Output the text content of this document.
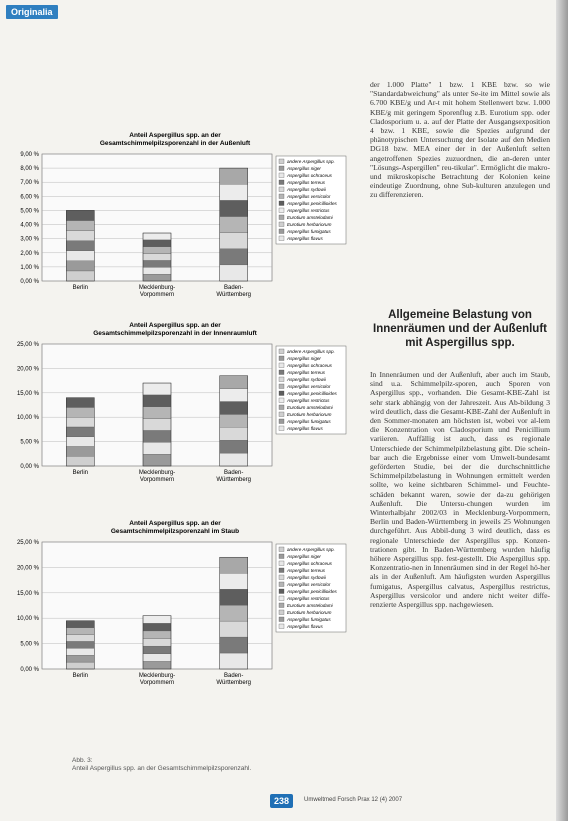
Originalia
Anteil Aspergillus spp. an der
Gesamtschimmelpilzsporenzahl in der Außenluft
0,00 %
1,00 %
2,00 %
3,00 %
4,00 %
5,00 %
6,00 %
7,00 %
8,00 %
9,00 %
Berlin	Mecklenburg-
Vorpommern
Baden-
Württemberg
andere Aspergillus spp.
Aspergillus niger
Aspergillus ochraceus
Aspergillus terreus
Aspergillus sydowii
Aspergillus versicolor
Aspergillus penicillioides
Aspergillus restrictus
Eurotium amstelodami
Eurotium herbariorum
Aspergillus fumigatus
Aspergillus flavus
Anteil Aspergillus spp. an der
Gesamtschimmelpilzsporenzahl in der Innenraumluft
0,00 %
5,00 %
10,00 %
15,00 %
20,00 %
25,00 %
Berlin	Mecklenburg-
Vorpommern
Baden-
Württemberg
andere Aspergillus spp.
Aspergillus niger
Aspergillus ochraceus
Aspergillus terreus
Aspergillus sydowii
Aspergillus versicolor
Aspergillus penicillioides
Aspergillus restrictus
Eurotium amstelodami
Eurotium herbariorum
Aspergillus fumigatus
Aspergillus flavus
Anteil Aspergillus spp. an der
Gesamtschimmelpilzsporenzahl im Staub
0,00 %
5,00 %
10,00 %
15,00 %
20,00 %
25,00 %
Berlin	Mecklenburg-
Vorpommern
Baden-
Württemberg
andere Aspergillus spp.
Aspergillus niger
Aspergillus ochraceus
Aspergillus terreus
Aspergillus sydowii
Aspergillus versicolor
Aspergillus penicillioides
Aspergillus restrictus
Eurotium amstelodami
Eurotium herbariorum
Aspergillus fumigatus
Aspergillus flavus
Abb. 3:
Anteil Aspergillus spp. an der Gesamtschimmelpilzsporenzahl.

der 1.000 Platte" 1 bzw. 1 KBE bzw. so wie "Standardabweichung" als unter Se-ite im Mittel sowie als 6.700 KBE/g und Ar-t mit hohem Stellenwert bzw. 1.000 KBE/g mit geringem Sporenflug z.B. Eurotium spp. oder Cladosporium u. a. auf der Platte der Ausgangsexposition 4 bzw. 1 KBE, sowie die Spezies aufgrund der phänotypischen Untersuchung der Isolate auf den Medien DG18 bzw. MEA einer der in der Außenluft selten angetroffenen Spezies zuzuordnen, die an-deren unter "Lösungs-Aspergillen" reu-tikular". Ermöglicht die makro- und mikroskopische Betrachtung der Kolonien keine eindeutige Zuordnung, ohne Sub-kulturen anzulegen und zu differenzieren.

Allgemeine Belastung von Innenräumen und der Außenluft mit Aspergillus spp.

In Innenräumen und der Außenluft, aber auch im Staub, sind u.a. Schimmelpilz-sporen, auch Sporen von Aspergillus spp., vorhanden. Die Gesamt-KBE-Zahl ist sehr stark abhängig von der Jahreszeit. Aus Ab-bildung 3 wird deutlich, dass die Gesamt-KBE-Zahl der Außenluft in den Sommer-monaten am höchsten ist, wobei vor al-lem die Konzentration von Cladosporium und Penicillium variieren. Auffällig ist auch, dass es regionale Unterschiede der Schimmelpilzbelastung gibt. Die schein-bar auch die Ergebnisse einer vom Umwelt-bundesamt geförderten Studie, bei der die durchschnittliche Schimmelpilzbelastung in Wohnungen ermittelt werden sollte, wo keine sichtbaren Schimmel- und Feuchte-schäden bekannt waren, sowie der da-zu gehörigen Außenluft. Die Untersu-chungen wurden im Winterhalbjahr 2002/03 in Mecklenburg-Vorpommern, Berlin und Baden-Württemberg in jeweils 25 Wohnungen durchgeführt. Aus Abbil-dung 3 wird deutlich, dass es regionale Unterschiede der Aspergillus spp. Konzen-trationen gibt. In Baden-Württemberg wurden häufig höhere Aspergillus spp. fest-gestellt. Die Aspergillus spp. Konzentratio-nen in Innenräumen sind in der Regel hö-her als in der Außenluft. Am häufigsten wurden Aspergillus fumigatus, Aspergillus calvatus, Aspergillus restrictus, Aspergillus versicolor und andere nicht weiter diffe-renzierte Aspergillus spp. nachgewiesen.

238	Umweltmed Forsch Prax 12 (4) 2007
